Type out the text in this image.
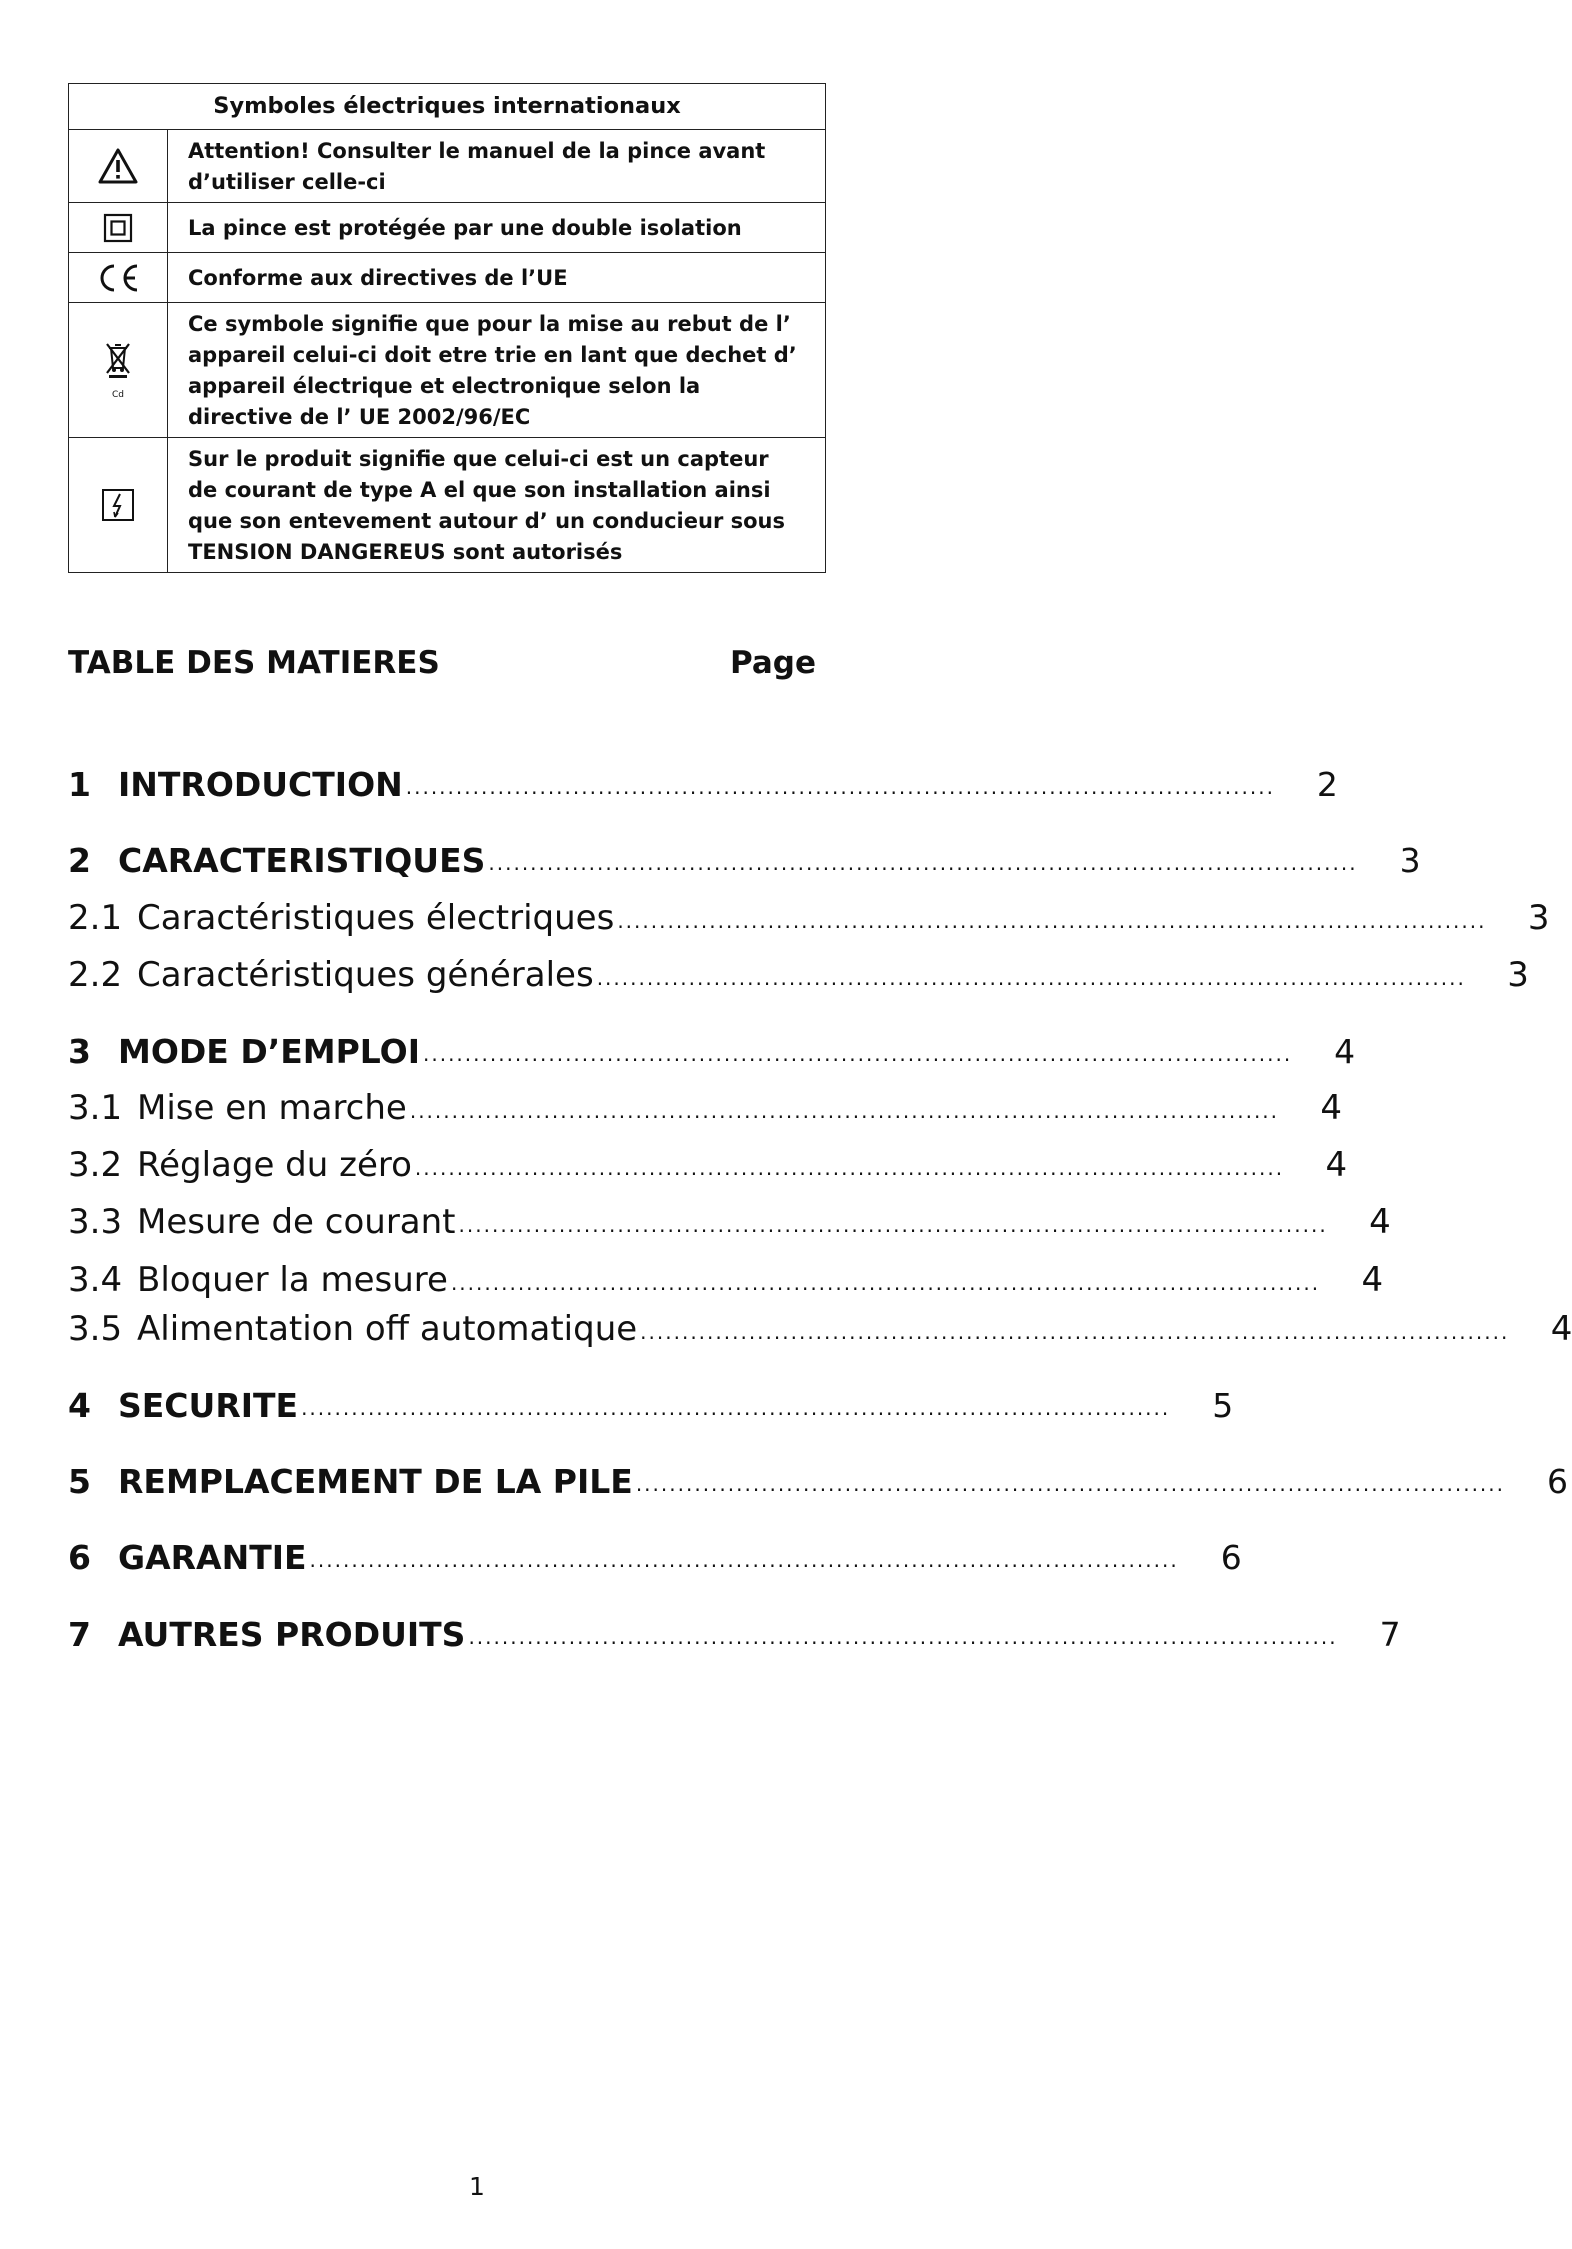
Symboles électriques internationaux	

	Attention! Consulter le manuel de la pince avant d’utiliser celle-ci

	La pince est protégée par une double isolation

	Conforme aux directives de l’UE

Cd	Ce symbole signifie que pour la mise au rebut de l’ appareil celui-ci doit etre trie en lant que dechet d’ appareil électrique et electronique selon la directive de l’ UE 2002/96/EC

	Sur le produit signifie que celui-ci est un capteur de courant de type A el que son installation ainsi que son entevement autour d’ un conducieur sous TENSION DANGEREUS sont autorisés
TABLE DES MATIERES	Page
1 INTRODUCTION ........................................................................................................	2
2 CARACTERISTIQUES ........................................................................................................	3
2.1 Caractéristiques électriques ........................................................................................................	3
2.2 Caractéristiques générales ........................................................................................................	3
3 MODE D’EMPLOI ........................................................................................................	4
3.1 Mise en marche ........................................................................................................	4
3.2 Réglage du zéro ........................................................................................................	4
3.3 Mesure de courant ........................................................................................................	4
3.4 Bloquer la mesure ........................................................................................................	4
3.5 Alimentation off automatique ........................................................................................................	4
4 SECURITE ........................................................................................................	5
5 REMPLACEMENT DE LA PILE ........................................................................................................	6
6 GARANTIE ........................................................................................................	6
7 AUTRES PRODUITS ........................................................................................................	7
1
